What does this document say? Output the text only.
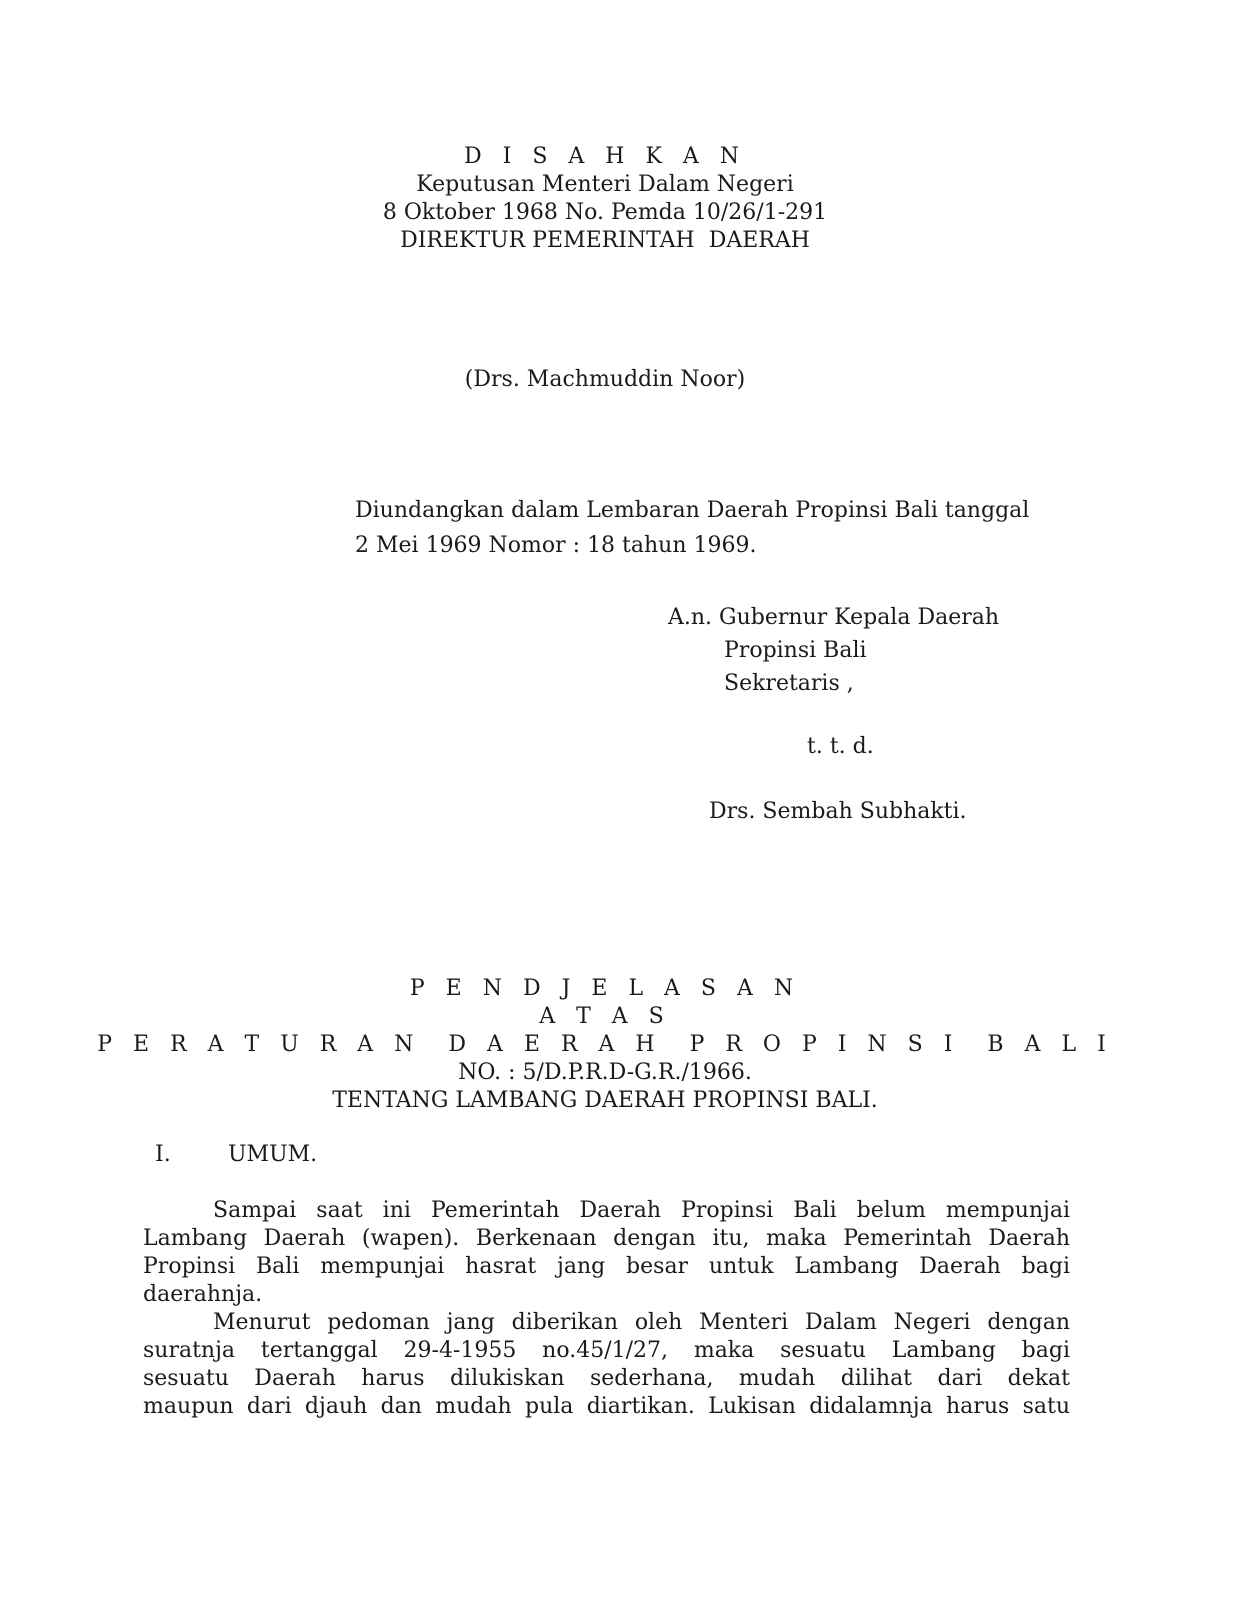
D I S A H K A N

Keputusan Menteri Dalam Negeri

8 Oktober 1968 No. Pemda 10/26/1-291

DIREKTUR PEMERINTAH  DAERAH

(Drs. Machmuddin Noor)

Diundangkan dalam Lembaran Daerah Propinsi Bali tanggal

2 Mei 1969 Nomor : 18 tahun 1969.

A.n. Gubernur Kepala Daerah

Propinsi Bali

Sekretaris ,

t. t. d.

Drs. Sembah Subhakti.

P E N D J E L A S A N

A T A S

P E R A T U R A N  D A E R A H  P R O P I N S I  B A L I

NO. : 5/D.P.R.D-G.R./1966.

TENTANG LAMBANG DAERAH PROPINSI BALI.

I.	UMUM.

Sampai saat ini Pemerintah Daerah Propinsi Bali belum mempunjai

Lambang Daerah (wapen). Berkenaan dengan itu, maka Pemerintah Daerah

Propinsi Bali mempunjai hasrat jang besar untuk Lambang Daerah bagi

daerahnja.

Menurut pedoman jang diberikan oleh Menteri Dalam Negeri dengan

suratnja tertanggal 29-4-1955 no.45/1/27, maka sesuatu Lambang bagi

sesuatu Daerah harus dilukiskan sederhana, mudah dilihat dari dekat

maupun dari djauh dan mudah pula diartikan. Lukisan didalamnja harus satu
